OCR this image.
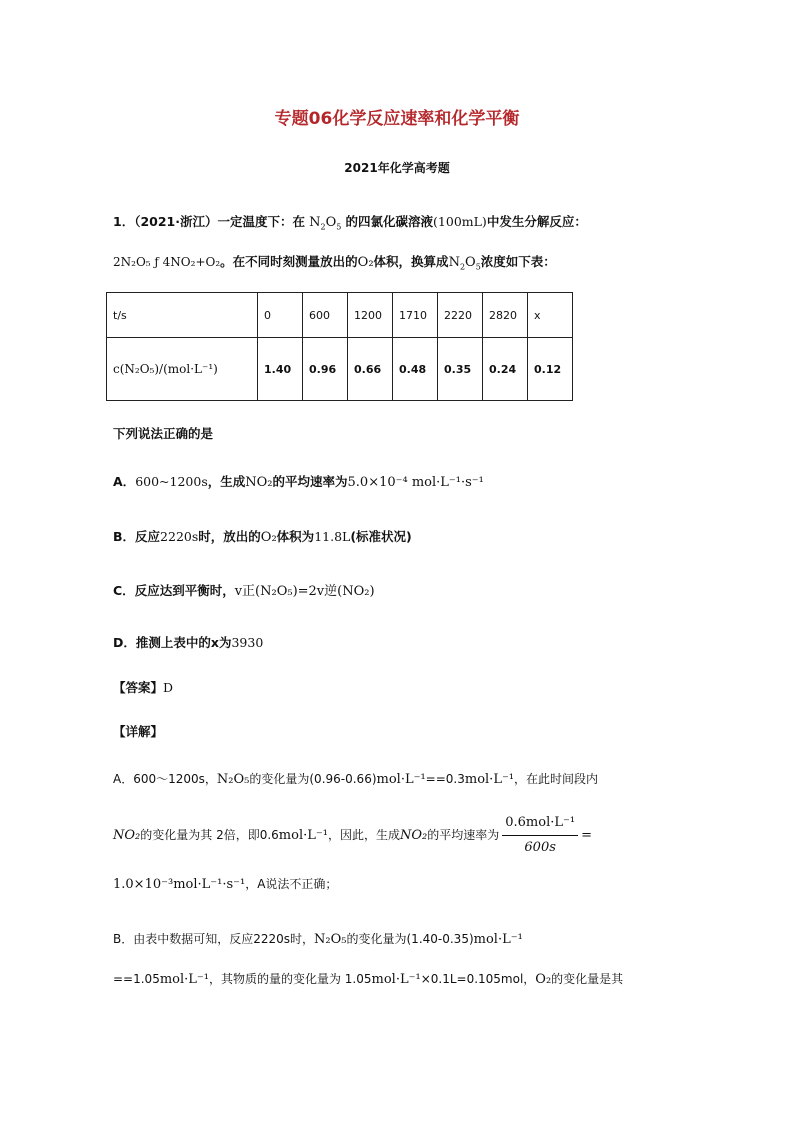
专题06化学反应速率和化学平衡
2021年化学高考题
1．（2021·浙江）一定温度下：在 $N_2O_5$ 的四氯化碳溶液(100mL)中发生分解反应：
2N₂O₅ ƒ 4NO₂+O₂。在不同时刻测量放出的O₂体积，换算成$N_2O_5$浓度如下表：
t/s	0	600	1200	1710	2220	2820	x
c(N₂O₅)/(mol·L⁻¹)	1.40	0.96	0.66	0.48	0.35	0.24	0.12
下列说法正确的是
A．600~1200s，生成NO₂的平均速率为5.0×10⁻⁴ mol·L⁻¹·s⁻¹
B．反应2220s时，放出的O₂体积为11.8L(标准状况)
C．反应达到平衡时，v正(N₂O₅)=2v逆(NO₂)
D．推测上表中的x为3930
【答案】D
【详解】
A．600～1200s，N₂O₅的变化量为(0.96-0.66)mol·L⁻¹==0.3mol·L⁻¹，在此时间段内
NO₂的变化量为其 2倍，即0.6mol·L⁻¹，因此，生成NO₂的平均速率为 $\frac{\text{0.6mol·L⁻¹}}{600s}$ =
1.0×10⁻³mol·L⁻¹·s⁻¹，A说法不正确；
B．由表中数据可知，反应2220s时，N₂O₅的变化量为(1.40-0.35)mol·L⁻¹
==1.05mol·L⁻¹，其物质的量的变化量为 1.05mol·L⁻¹×0.1L=0.105mol，O₂的变化量是其
